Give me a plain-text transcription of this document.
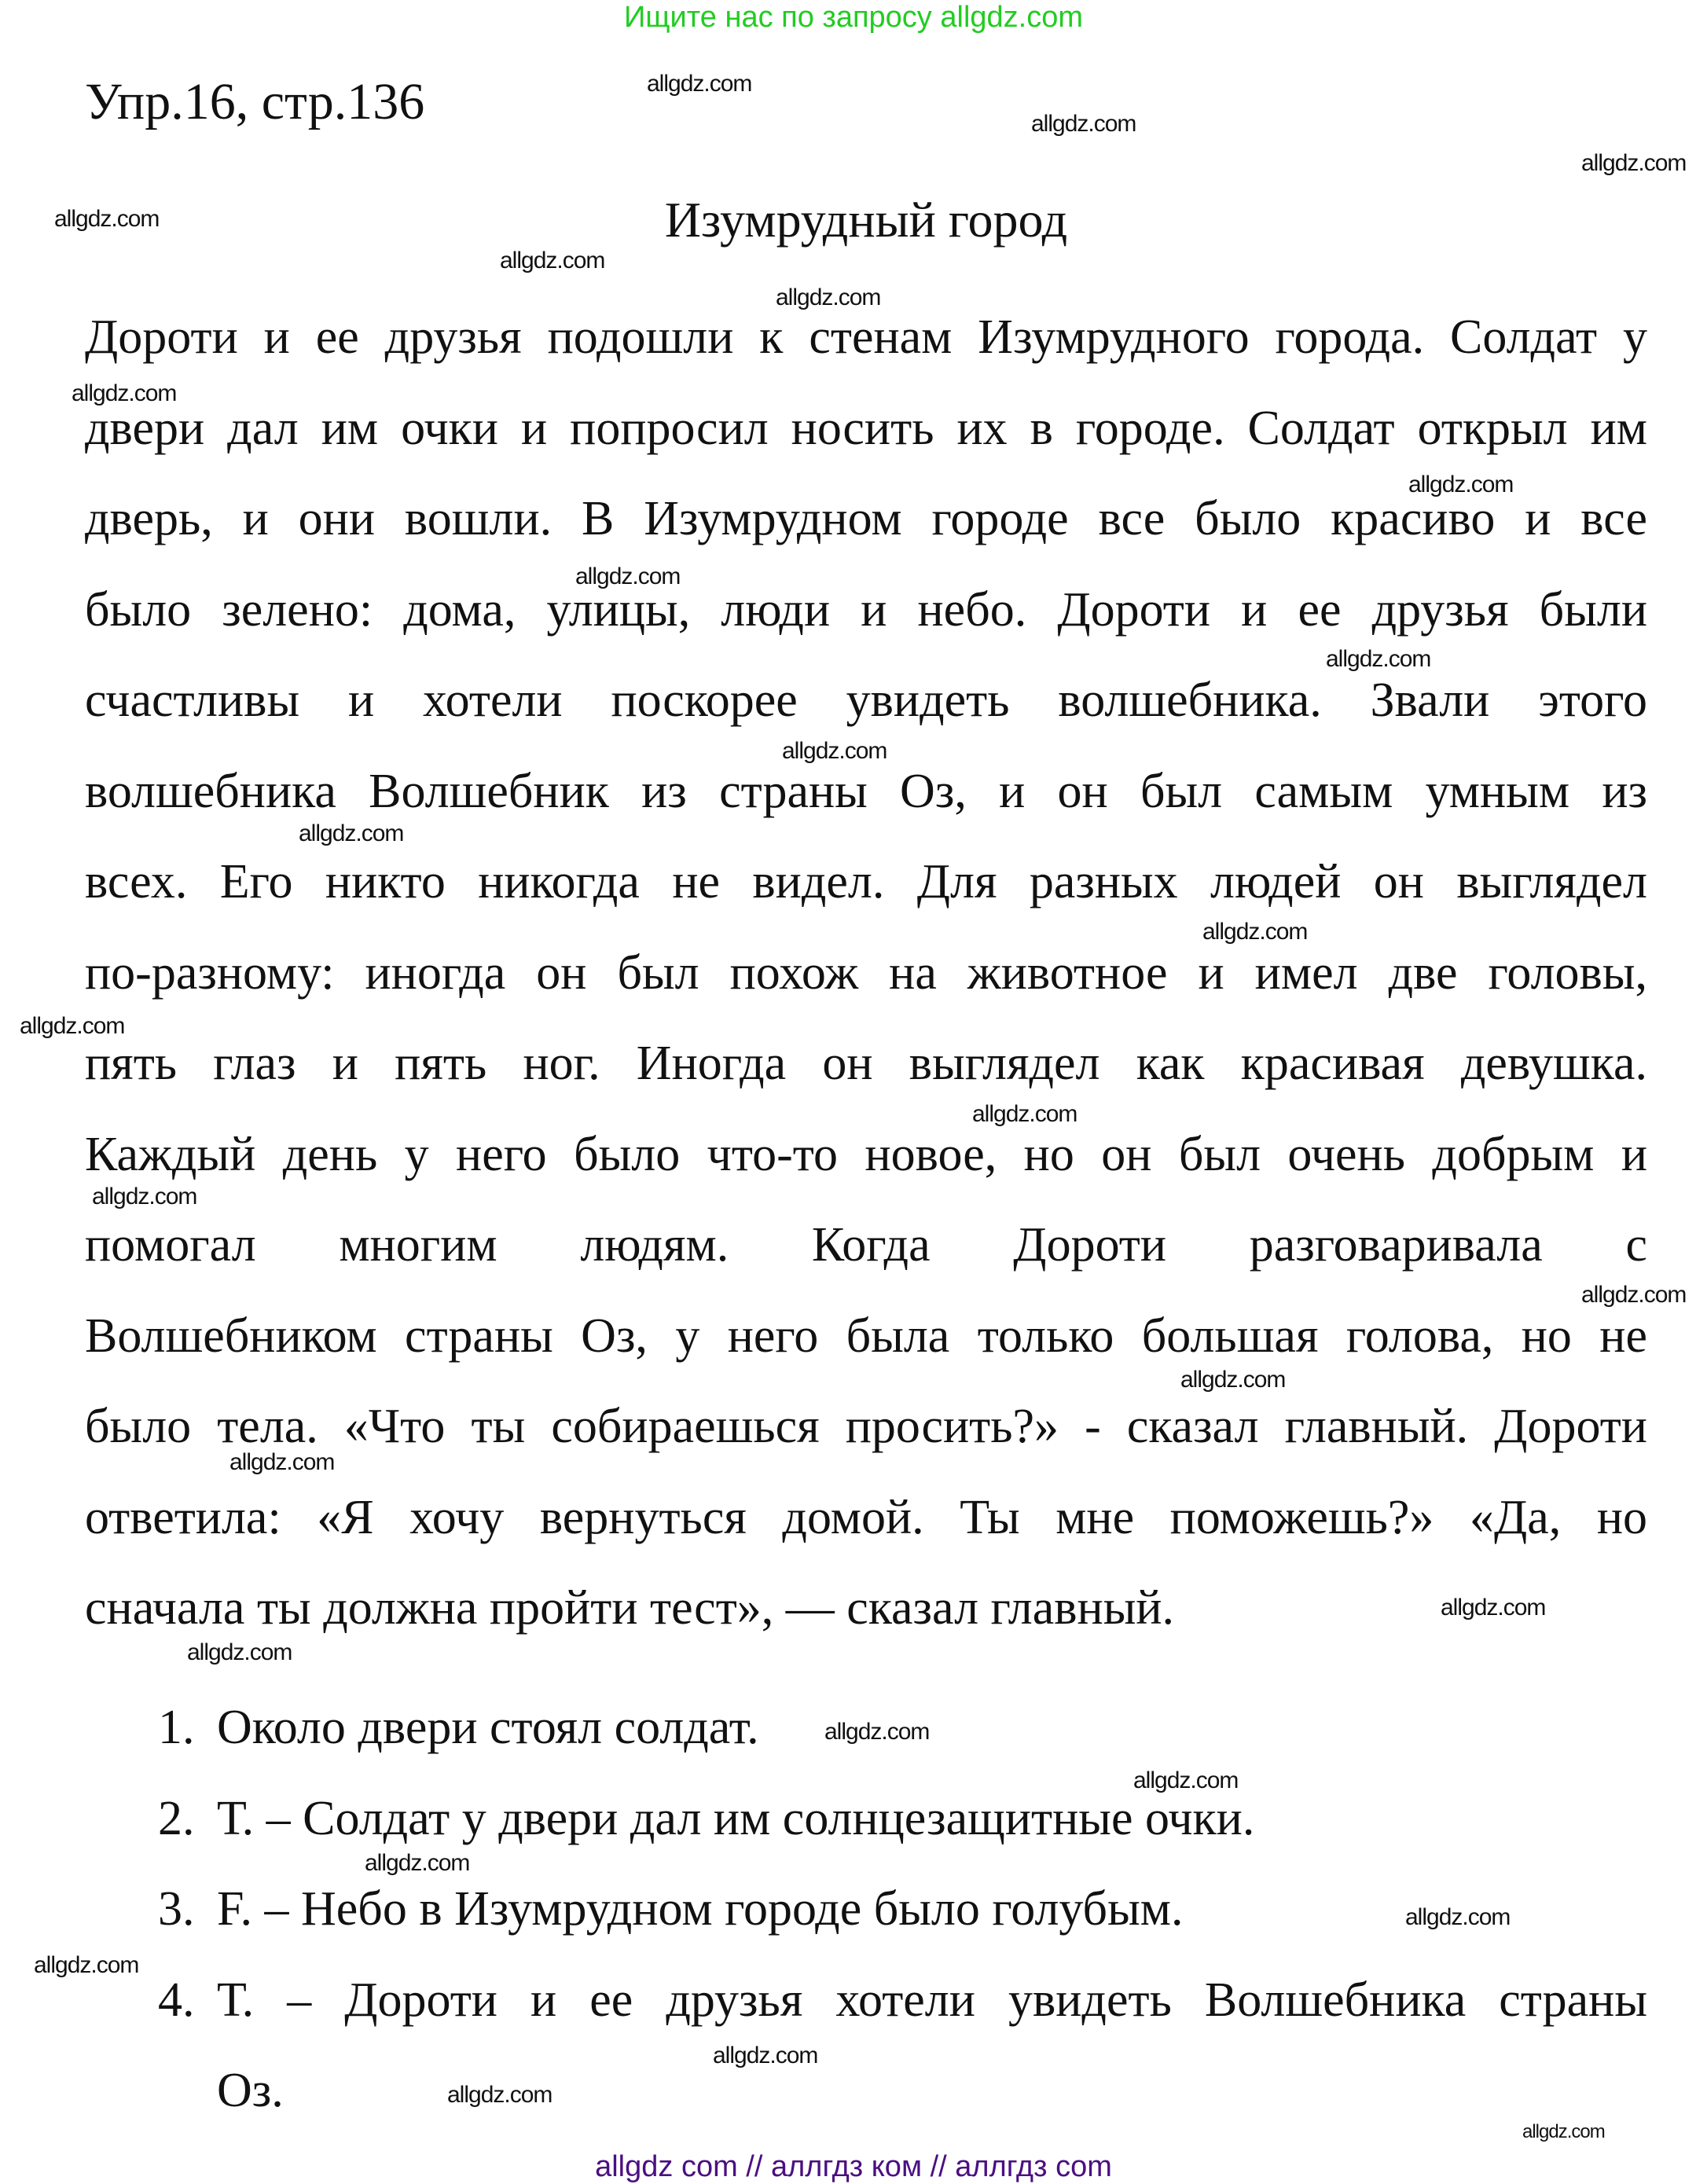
Ищите нас по запросу allgdz.com
Упр.16, стр.136
Изумрудный город
Дороти и ее друзья подошли к стенам Изумрудного города. Солдат у
двери дал им очки и попросил носить их в городе. Солдат открыл им
дверь, и они вошли. В Изумрудном городе все было красиво и все
было зелено: дома, улицы, люди и небо. Дороти и ее друзья были
счастливы и хотели поскорее увидеть волшебника. Звали этого
волшебника Волшебник из страны Оз, и он был самым умным из
всех. Его никто никогда не видел. Для разных людей он выглядел
по-разному: иногда он был похож на животное и имел две головы,
пять глаз и пять ног. Иногда он выглядел как красивая девушка.
Каждый день у него было что-то новое, но он был очень добрым и
помогал многим людям. Когда Дороти разговаривала с
Волшебником страны Оз, у него была только большая голова, но не
было тела. «Что ты собираешься просить?» - сказал главный. Дороти
ответила: «Я хочу вернуться домой. Ты мне поможешь?» «Да, но
сначала ты должна пройти тест», — сказал главный.
1. Около двери стоял солдат.
2. Т. – Солдат у двери дал им солнцезащитные очки.
3. F. – Небо в Изумрудном городе было голубым.
4. Т. – Дороти и ее друзья хотели увидеть Волшебника страны
Оз.
allgdz.com
allgdz.com
allgdz.com
allgdz.com
allgdz.com
allgdz.com
allgdz.com
allgdz.com
allgdz.com
allgdz.com
allgdz.com
allgdz.com
allgdz.com
allgdz.com
allgdz.com
allgdz.com
allgdz.com
allgdz.com
allgdz.com
allgdz.com
allgdz.com
allgdz.com
allgdz.com
allgdz.com
allgdz.com
allgdz.com
allgdz.com
allgdz.com
allgdz.com
allgdz com // аллгдз ком // аллгдз com
